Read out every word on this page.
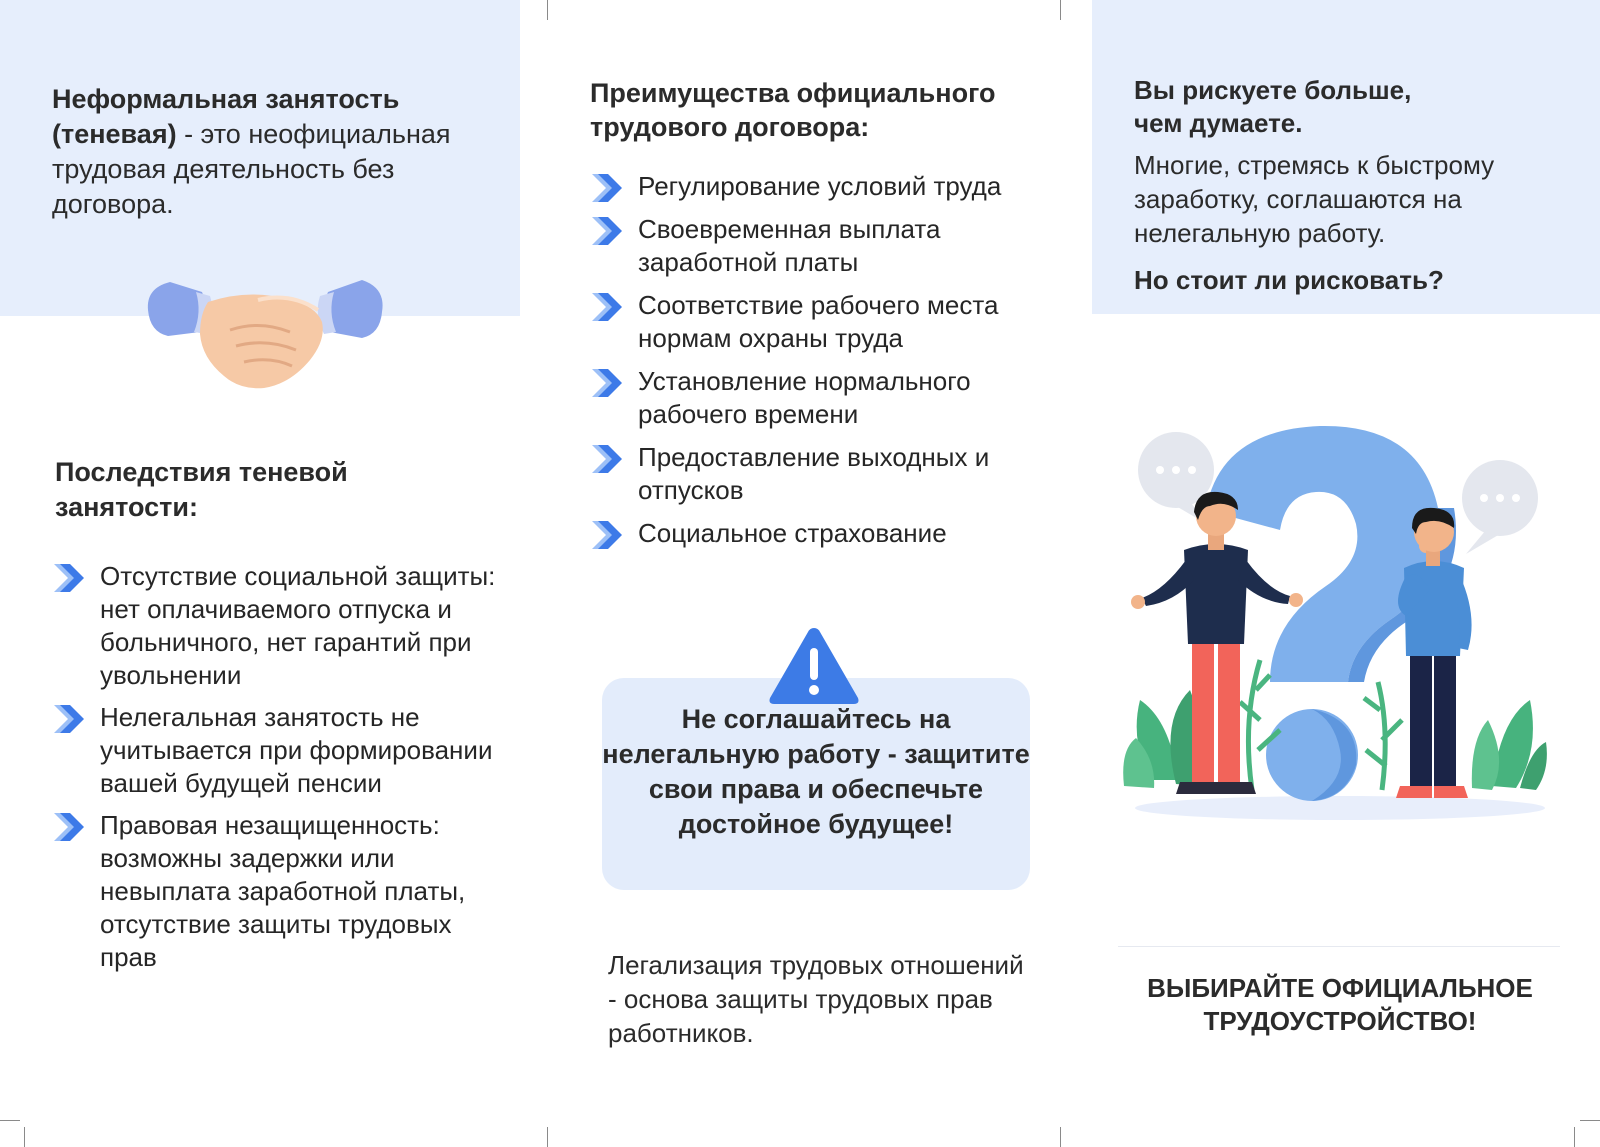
Неформальная занятость (теневая) - это неофициальная трудовая деятельность без договора.
Последствия теневой занятости:
Отсутствие социальной защиты: нет оплачиваемого отпуска и больничного, нет гарантий при увольнении
Нелегальная занятость не учитывается при формировании вашей будущей пенсии
Правовая незащищенность: возможны задержки или невыплата заработной платы, отсутствие защиты трудовых прав
Преимущества официального трудового договора:
Регулирование условий труда
Своевременная выплата заработной платы
Соответствие рабочего места нормам охраны труда
Установление нормального рабочего времени
Предоставление выходных и отпусков
Социальное страхование
Не соглашайтесь на нелегальную работу - защитите свои права и обеспечьте достойное будущее!
Легализация трудовых отношений - основа защиты трудовых прав работников.
Вы рискуете больше, чем думаете.
Многие, стремясь к быстрому заработку, соглашаются на нелегальную работу.
Но стоит ли рисковать?
ВЫБИРАЙТЕ ОФИЦИАЛЬНОЕ ТРУДОУСТРОЙСТВО!
